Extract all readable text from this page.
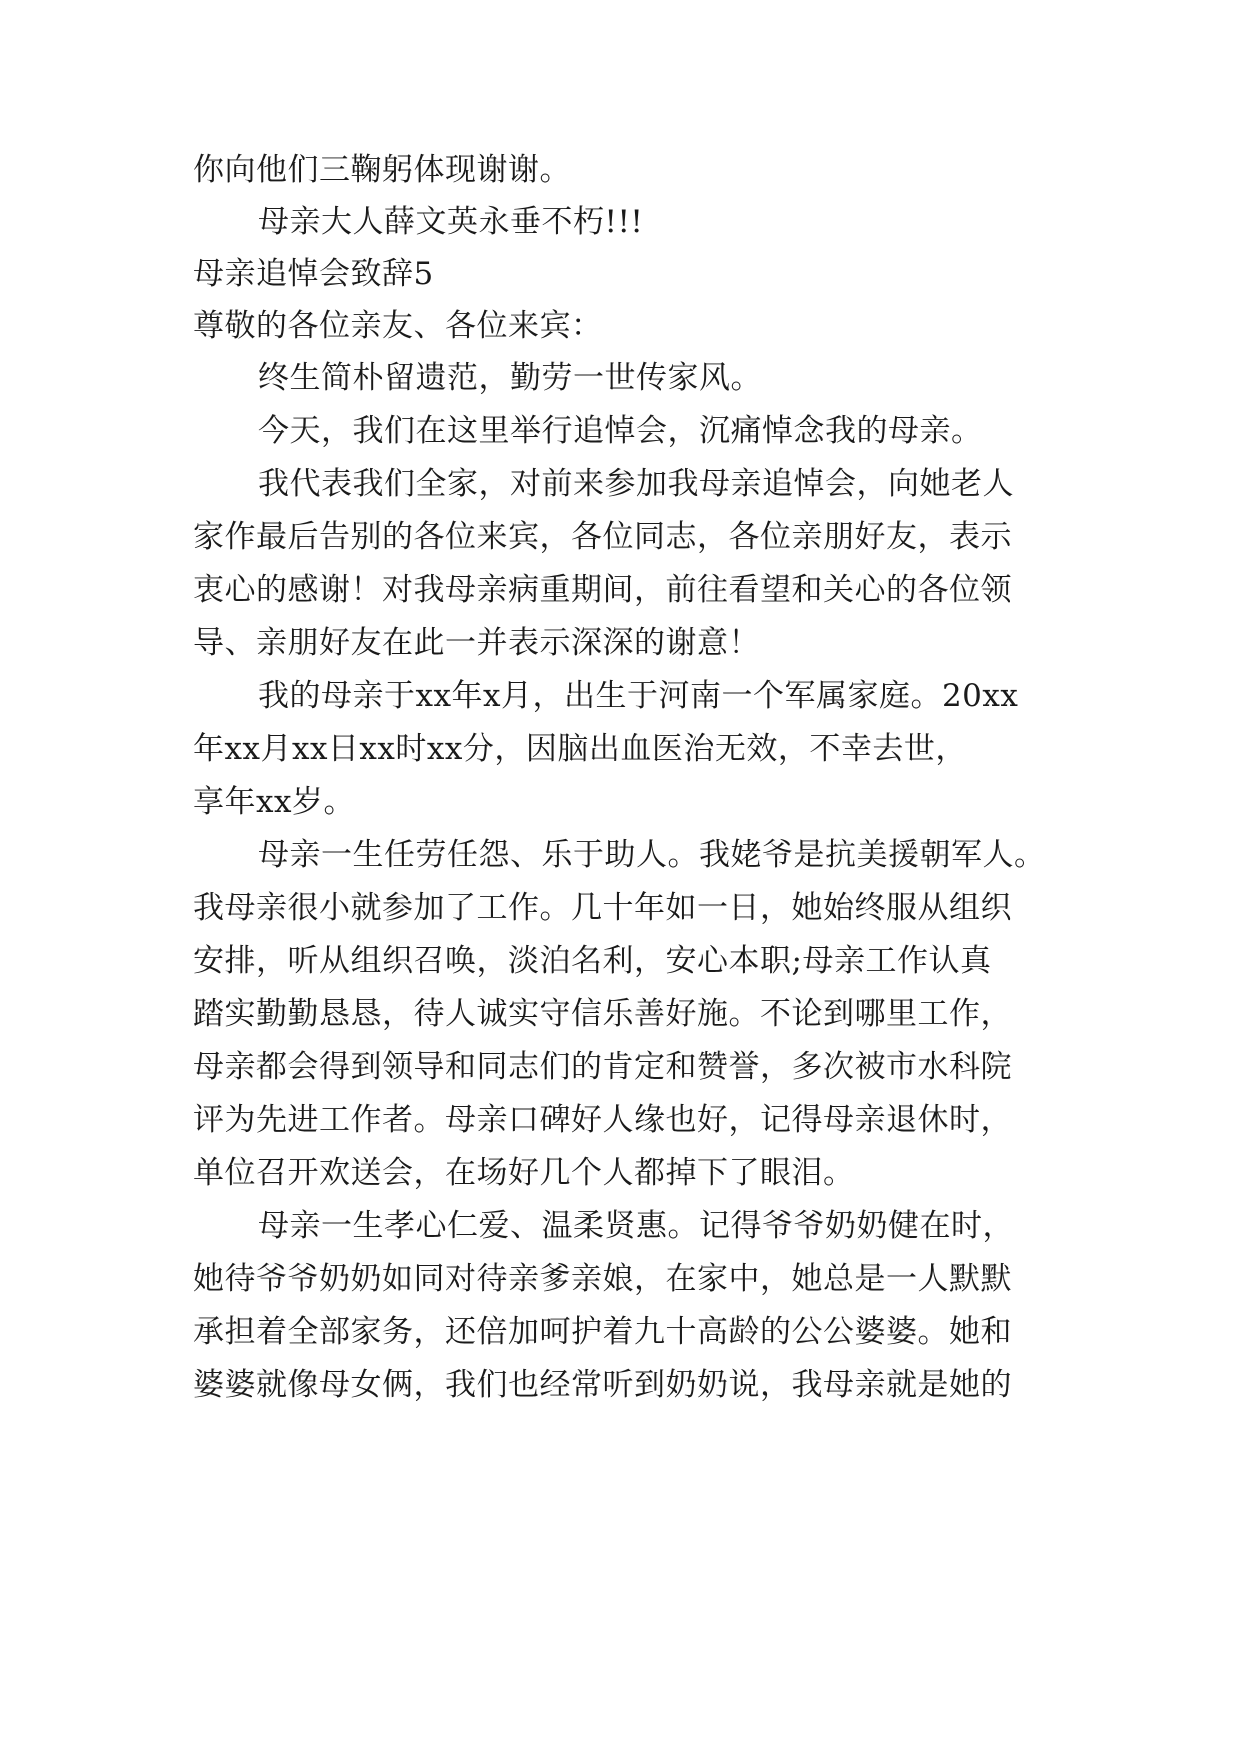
你向他们三鞠躬体现谢谢。
母亲大人薛文英永垂不朽!!!
母亲追悼会致辞5
尊敬的各位亲友、各位来宾：
终生简朴留遗范，勤劳一世传家风。
今天，我们在这里举行追悼会，沉痛悼念我的母亲。
我代表我们全家，对前来参加我母亲追悼会，向她老人
家作最后告别的各位来宾，各位同志，各位亲朋好友，表示
衷心的感谢！对我母亲病重期间，前往看望和关心的各位领
导、亲朋好友在此一并表示深深的谢意！
我的母亲于xx年x月，出生于河南一个军属家庭。20xx
年xx月xx日xx时xx分，因脑出血医治无效，不幸去世，
享年xx岁。
母亲一生任劳任怨、乐于助人。我姥爷是抗美援朝军人。
我母亲很小就参加了工作。几十年如一日，她始终服从组织
安排，听从组织召唤，淡泊名利，安心本职;母亲工作认真
踏实勤勤恳恳，待人诚实守信乐善好施。不论到哪里工作，
母亲都会得到领导和同志们的肯定和赞誉，多次被市水科院
评为先进工作者。母亲口碑好人缘也好，记得母亲退休时，
单位召开欢送会，在场好几个人都掉下了眼泪。
母亲一生孝心仁爱、温柔贤惠。记得爷爷奶奶健在时，
她待爷爷奶奶如同对待亲爹亲娘，在家中，她总是一人默默
承担着全部家务，还倍加呵护着九十高龄的公公婆婆。她和
婆婆就像母女俩，我们也经常听到奶奶说，我母亲就是她的
